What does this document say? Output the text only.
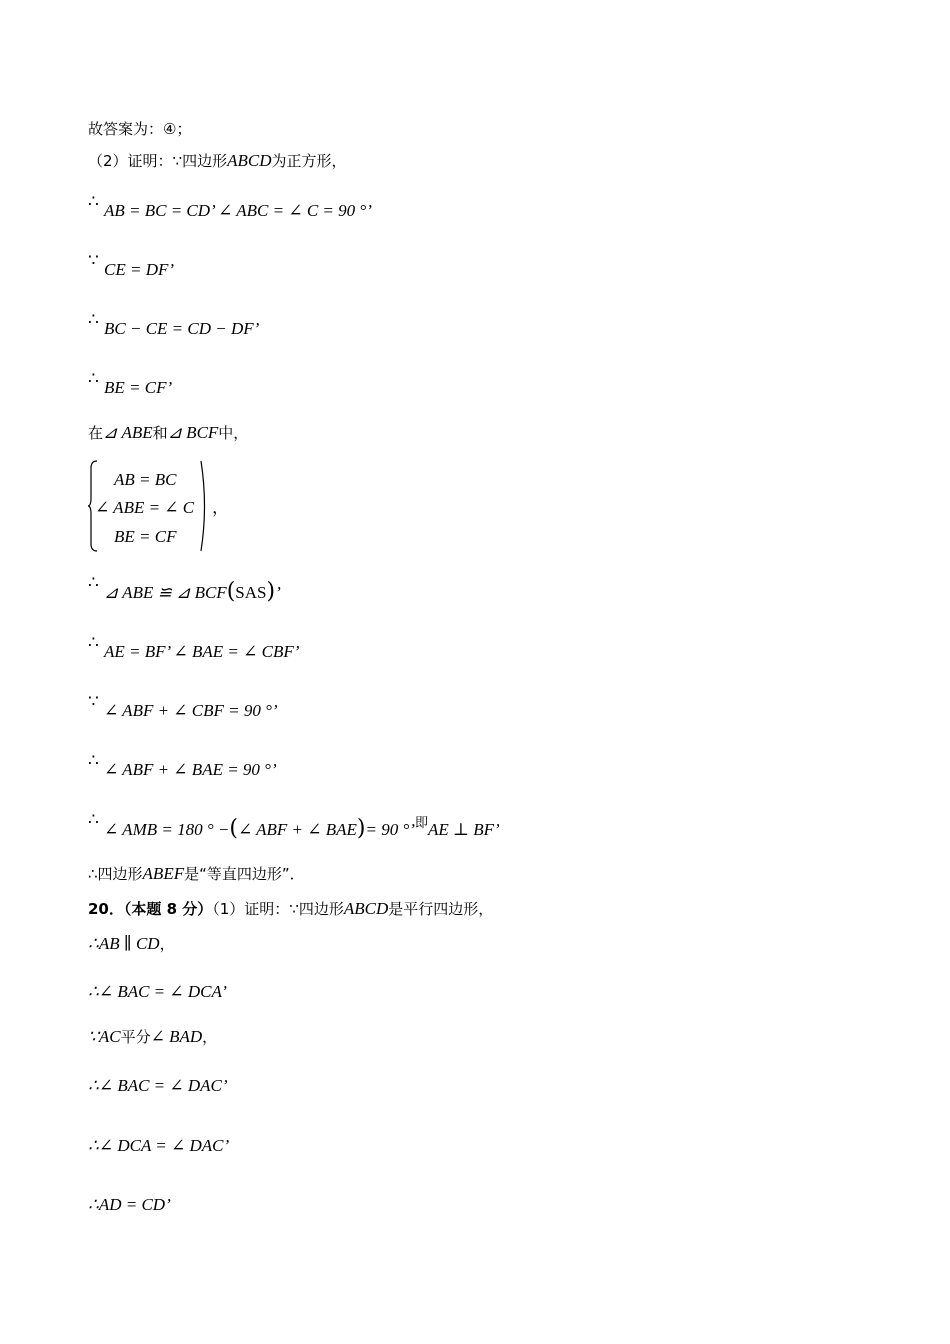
故答案为：④；
（2）证明：∵四边形ABCD为正方形，
∴ AB = BC = CD’ ∠ ABC = ∠ C = 90 °’
∵ CE = DF’
∴ BC − CE = CD − DF’
∴ BE = CF’
在⊿ ABE和⊿ BCF中，
AB = BC
∠ ABE = ∠ C
BE = CF
，
∴ ⊿ ABE ≌ ⊿ BCF(SAS)’
∴ AE = BF’ ∠ BAE = ∠ CBF’
∵ ∠ ABF + ∠ CBF = 90 °’
∴ ∠ ABF + ∠ BAE = 90 °’
∴ ∠ AMB = 180 ° −(∠ ABF + ∠ BAE)= 90 °’$^即$AE ⊥ BF’
∴四边形ABEF是“等直四边形”．
20．（本题 8 分）（1）证明：∵四边形ABCD是平行四边形，
∴AB ∥ CD，
∴∠ BAC = ∠ DCA’
∵AC平分∠ BAD，
∴∠ BAC = ∠ DAC’
∴∠ DCA = ∠ DAC’
∴AD = CD’
